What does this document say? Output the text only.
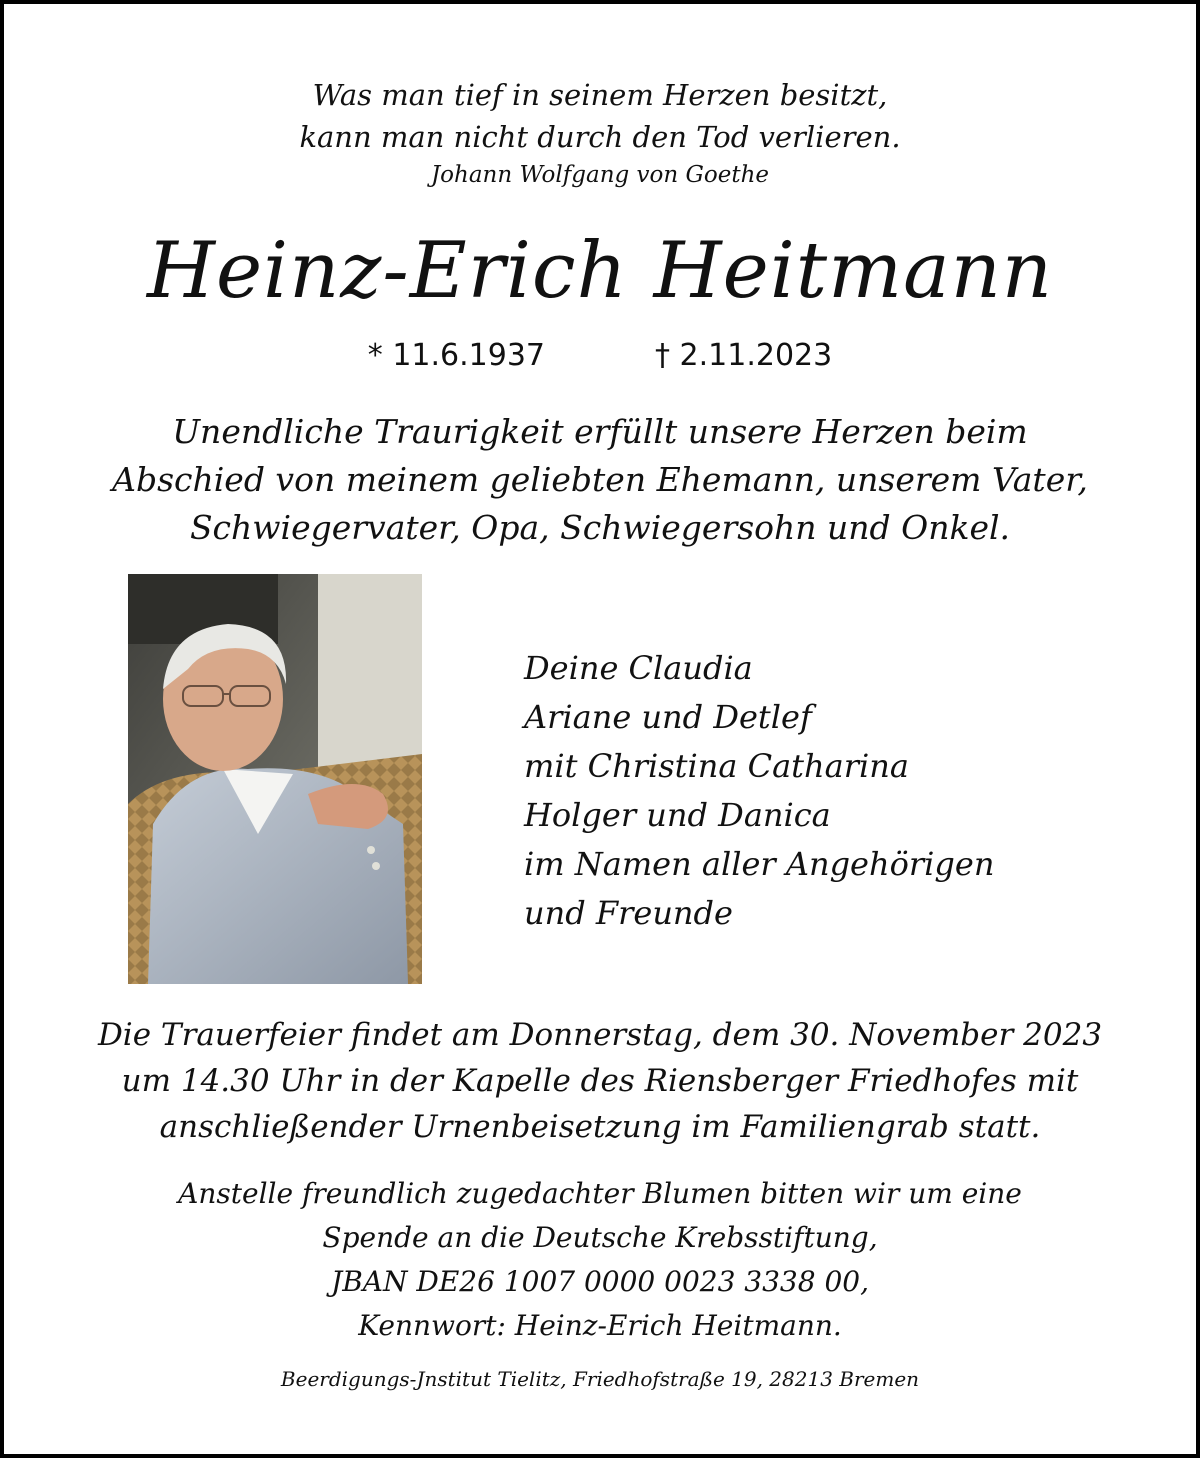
Was man tief in seinem Herzen besitzt,
kann man nicht durch den Tod verlieren.
Johann Wolfgang von Goethe
Heinz-Erich Heitmann
* 11.6.1937	† 2.11.2023
Unendliche Traurigkeit erfüllt unsere Herzen beim
Abschied von meinem geliebten Ehemann, unserem Vater,
Schwiegervater, Opa, Schwiegersohn und Onkel.
Deine Claudia
Ariane und Detlef
mit Christina Catharina
Holger und Danica
im Namen aller Angehörigen
und Freunde
Die Trauerfeier findet am Donnerstag, dem 30. November 2023
um 14.30 Uhr in der Kapelle des Riensberger Friedhofes mit
anschließender Urnenbeisetzung im Familiengrab statt.
Anstelle freundlich zugedachter Blumen bitten wir um eine
Spende an die Deutsche Krebsstiftung,
JBAN DE26 1007 0000 0023 3338 00,
Kennwort: Heinz-Erich Heitmann.
Beerdigungs-Jnstitut Tielitz, Friedhofstraße 19, 28213 Bremen
